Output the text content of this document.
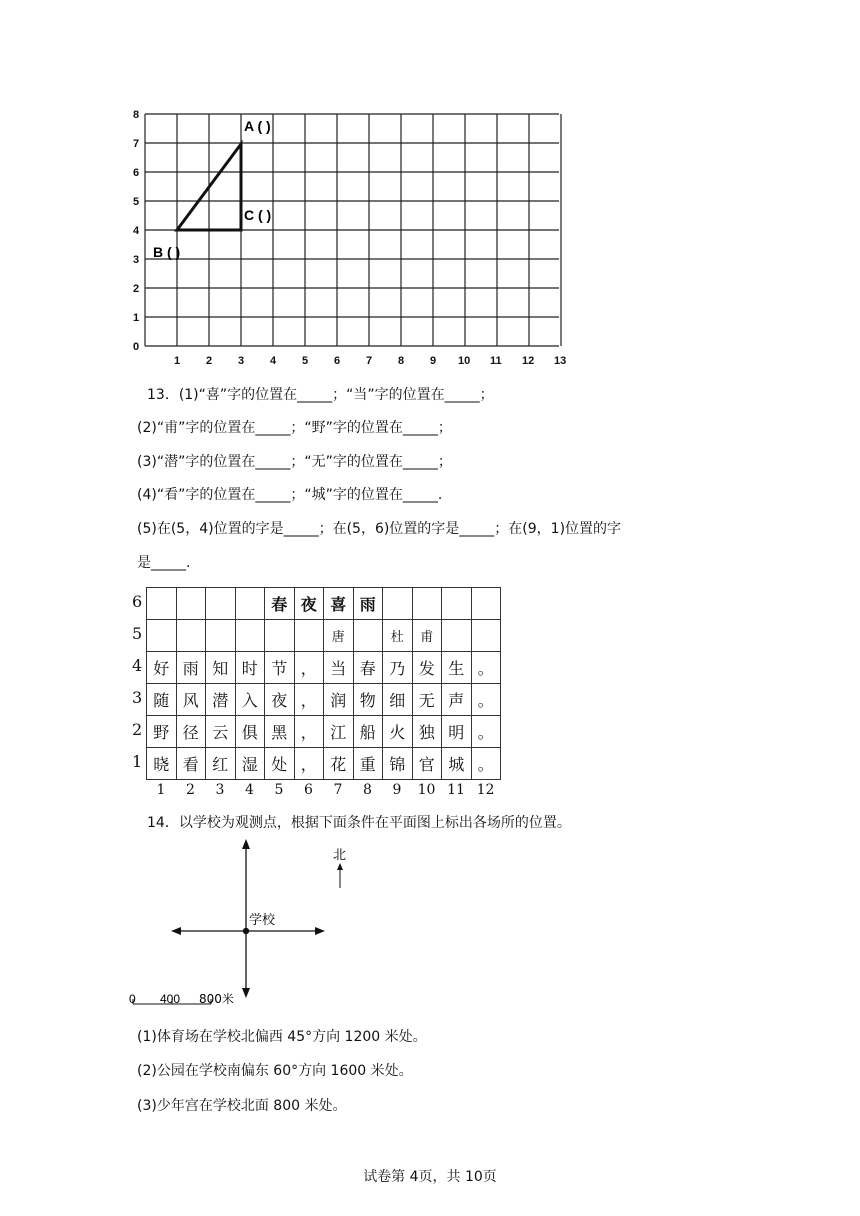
8
7
6
5
4
3
2
1
0
1 2 3 4 5 6 7 8 9 10 11 12 13
A ( )
C ( )
B ( )
13．(1)“喜”字的位置在_____；“当”字的位置在_____；
(2)“甫”字的位置在_____；“野”字的位置在_____；
(3)“潜”字的位置在_____；“无”字的位置在_____；
(4)“看”字的位置在_____；“城”字的位置在_____.
(5)在(5，4)位置的字是_____；在(5，6)位置的字是_____；在(9，1)位置的字
是_____.
6
5
4
3
2
1
				春	夜	喜	雨				
						唐		杜	甫		
好	雨	知	时	节	，	当	春	乃	发	生	。
随	风	潜	入	夜	，	润	物	细	无	声	。
野	径	云	俱	黑	，	江	船	火	独	明	。
晓	看	红	湿	处	，	花	重	锦	官	城	。
1	2	3	4	5	6	7	8	9	10 11 12
14．以学校为观测点，根据下面条件在平面图上标出各场所的位置。
学校
北
0 400 800米
(1)体育场在学校北偏西 45°方向 1200 米处。
(2)公园在学校南偏东 60°方向 1600 米处。
(3)少年宫在学校北面 800 米处。
试卷第 4页，共 10页
